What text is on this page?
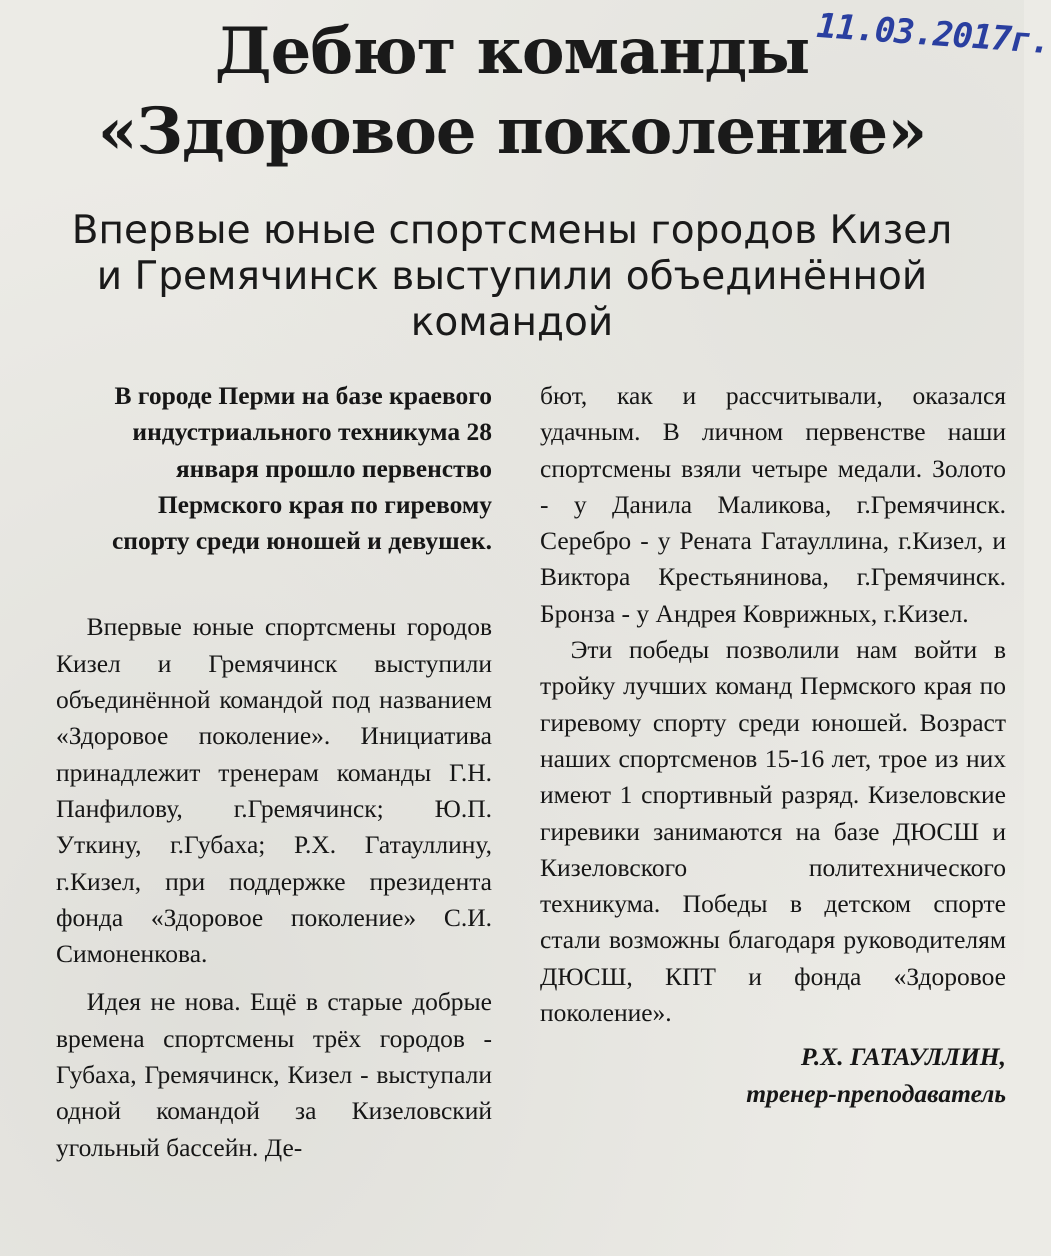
11.03.2017г.
Дебют команды
«Здоровое поколение»
Впервые юные спортсмены городов Кизел и Гремячинск выступили объединённой командой

В городе Перми на базе краевого индустриального техникума 28 января прошло первенство Пермского края по гиревому спорту среди юношей и девушек.

Впервые юные спортсмены городов Кизел и Гремячинск выступили объединённой командой под названием «Здоровое поколение». Инициатива принадлежит тренерам команды Г.Н. Панфилову, г.Гремячинск; Ю.П. Уткину, г.Губаха; Р.Х. Гатауллину, г.Кизел, при поддержке президента фонда «Здоровое поколение» С.И. Симоненкова.

Идея не нова. Ещё в старые добрые времена спортсмены трёх городов - Губаха, Гремячинск, Кизел - выступали одной командой за Кизеловский угольный бассейн. Де-

бют, как и рассчитывали, оказался удачным. В личном первенстве наши спортсмены взяли четыре медали. Золото - у Данила Маликова, г.Гремячинск. Серебро - у Рената Гатауллина, г.Кизел, и Виктора Крестьянинова, г.Гремячинск. Бронза - у Андрея Коврижных, г.Кизел.

Эти победы позволили нам войти в тройку лучших команд Пермского края по гиревому спорту среди юношей. Возраст наших спортсменов 15-16 лет, трое из них имеют 1 спортивный разряд. Кизеловские гиревики занимаются на базе ДЮСШ и Кизеловского политехнического техникума. Победы в детском спорте стали возможны благодаря руководителям ДЮСШ, КПТ и фонда «Здоровое поколение».

Р.Х. ГАТАУЛЛИН,
тренер-преподаватель
